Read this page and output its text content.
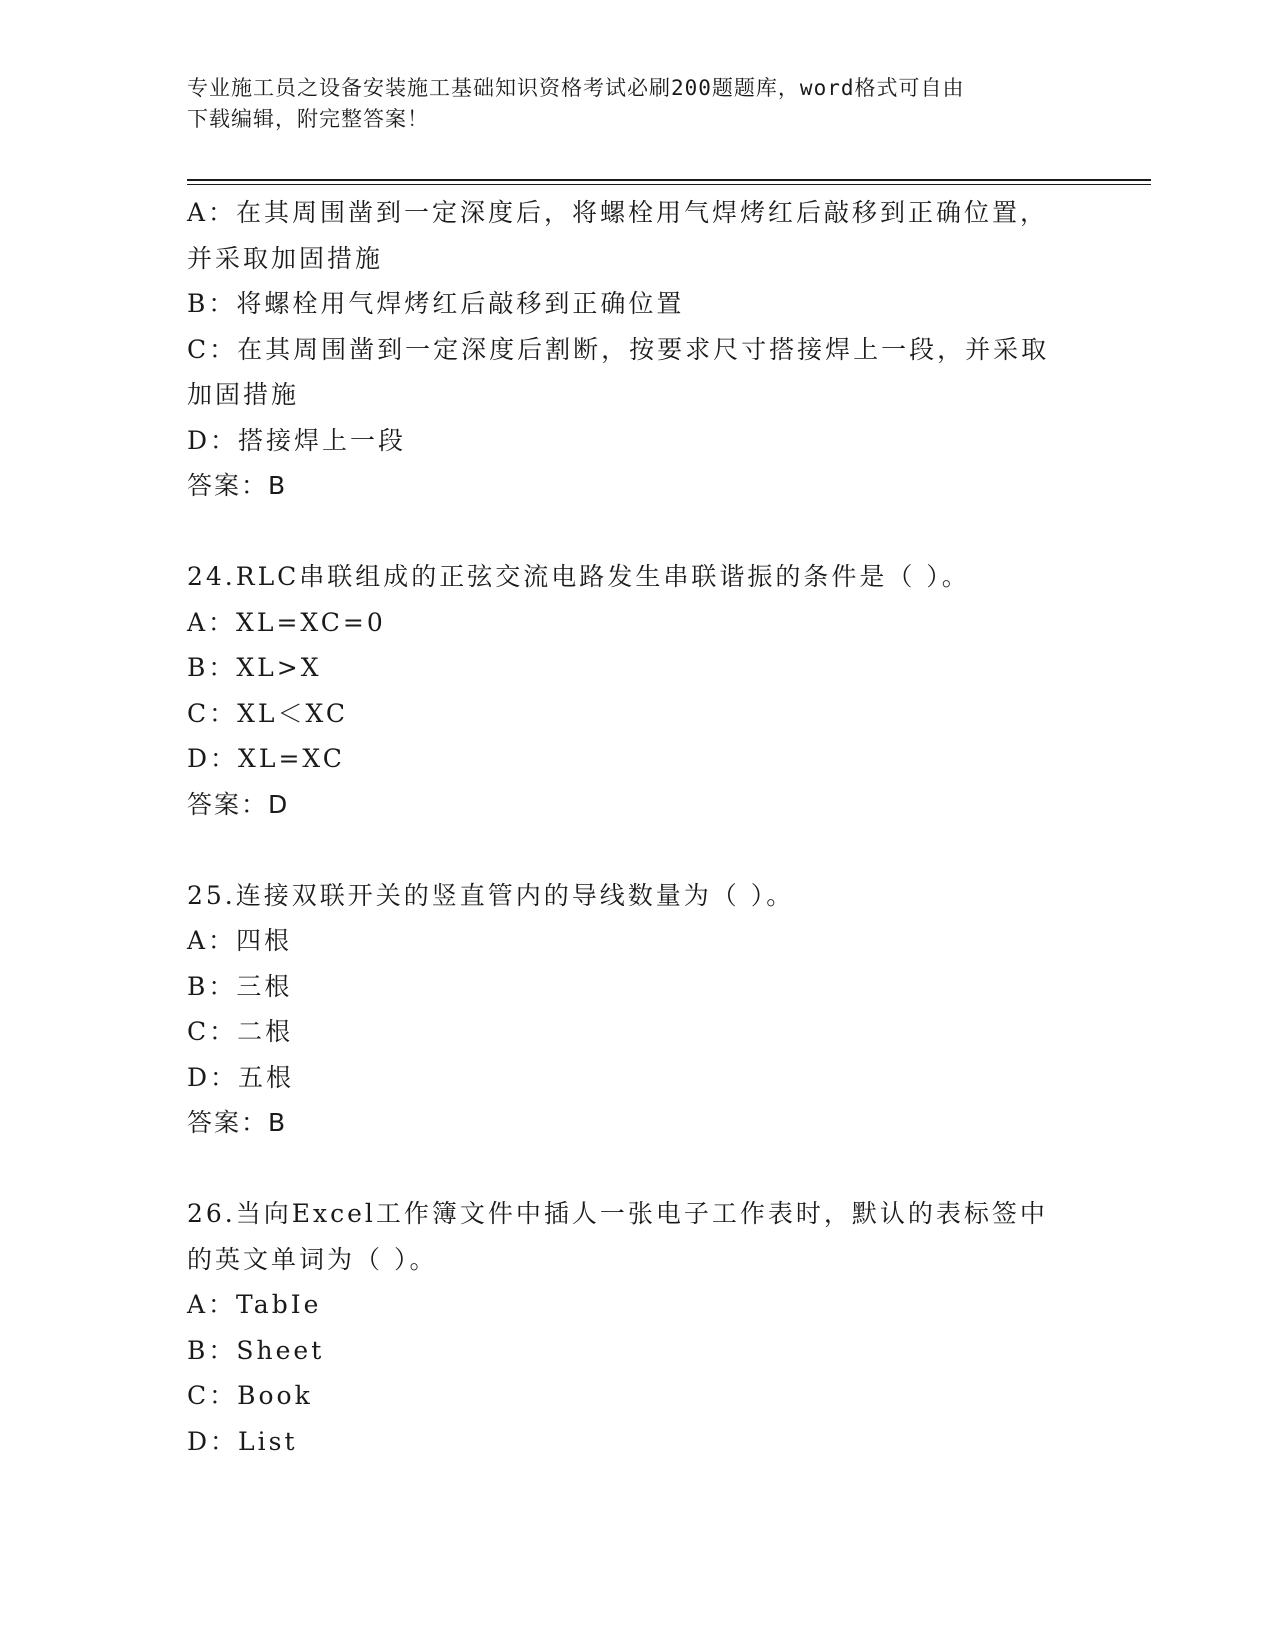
专业施工员之设备安装施工基础知识资格考试必刷200题题库，word格式可自由
下载编辑，附完整答案！
A：在其周围凿到一定深度后，将螺栓用气焊烤红后敲移到正确位置，
并采取加固措施
B：将螺栓用气焊烤红后敲移到正确位置
C：在其周围凿到一定深度后割断，按要求尺寸搭接焊上一段，并采取
加固措施
D：搭接焊上一段
答案：B
24.RLC串联组成的正弦交流电路发生串联谐振的条件是（ ）。
A：XL=XC=0
B：XL>X
C：XL＜XC
D：XL=XC
答案：D
25.连接双联开关的竖直管内的导线数量为（ ）。
A：四根
B：三根
C：二根
D：五根
答案：B
26.当向Excel工作簿文件中插人一张电子工作表时，默认的表标签中
的英文单词为（ ）。
A：TabIe
B：Sheet
C：Book
D：List
